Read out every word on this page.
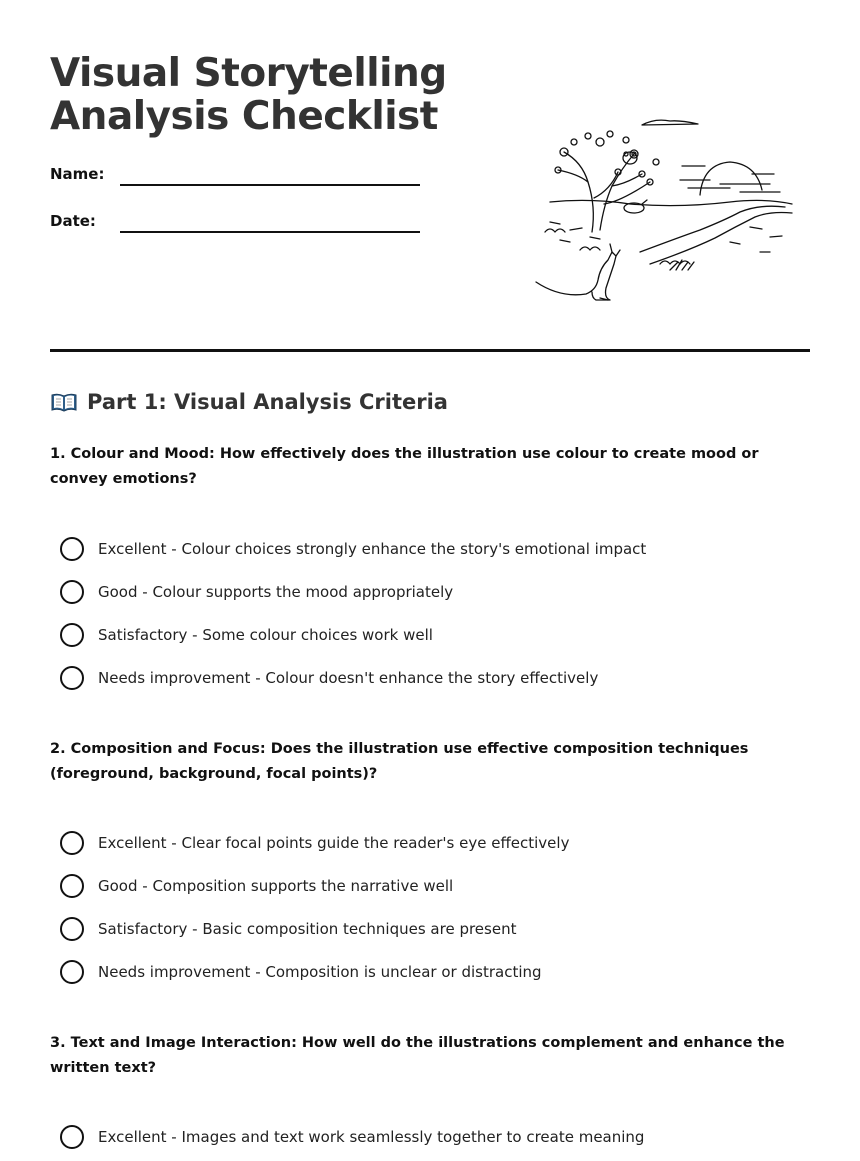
Visual Storytelling Analysis Checklist
Name:
Date:
Part 1: Visual Analysis Criteria

1. Colour and Mood: How effectively does the illustration use colour to create mood or convey emotions?

Excellent - Colour choices strongly enhance the story's emotional impact
Good - Colour supports the mood appropriately
Satisfactory - Some colour choices work well
Needs improvement - Colour doesn't enhance the story effectively

2. Composition and Focus: Does the illustration use effective composition techniques (foreground, background, focal points)?

Excellent - Clear focal points guide the reader's eye effectively
Good - Composition supports the narrative well
Satisfactory - Basic composition techniques are present
Needs improvement - Composition is unclear or distracting

3. Text and Image Interaction: How well do the illustrations complement and enhance the written text?

Excellent - Images and text work seamlessly together to create meaning
